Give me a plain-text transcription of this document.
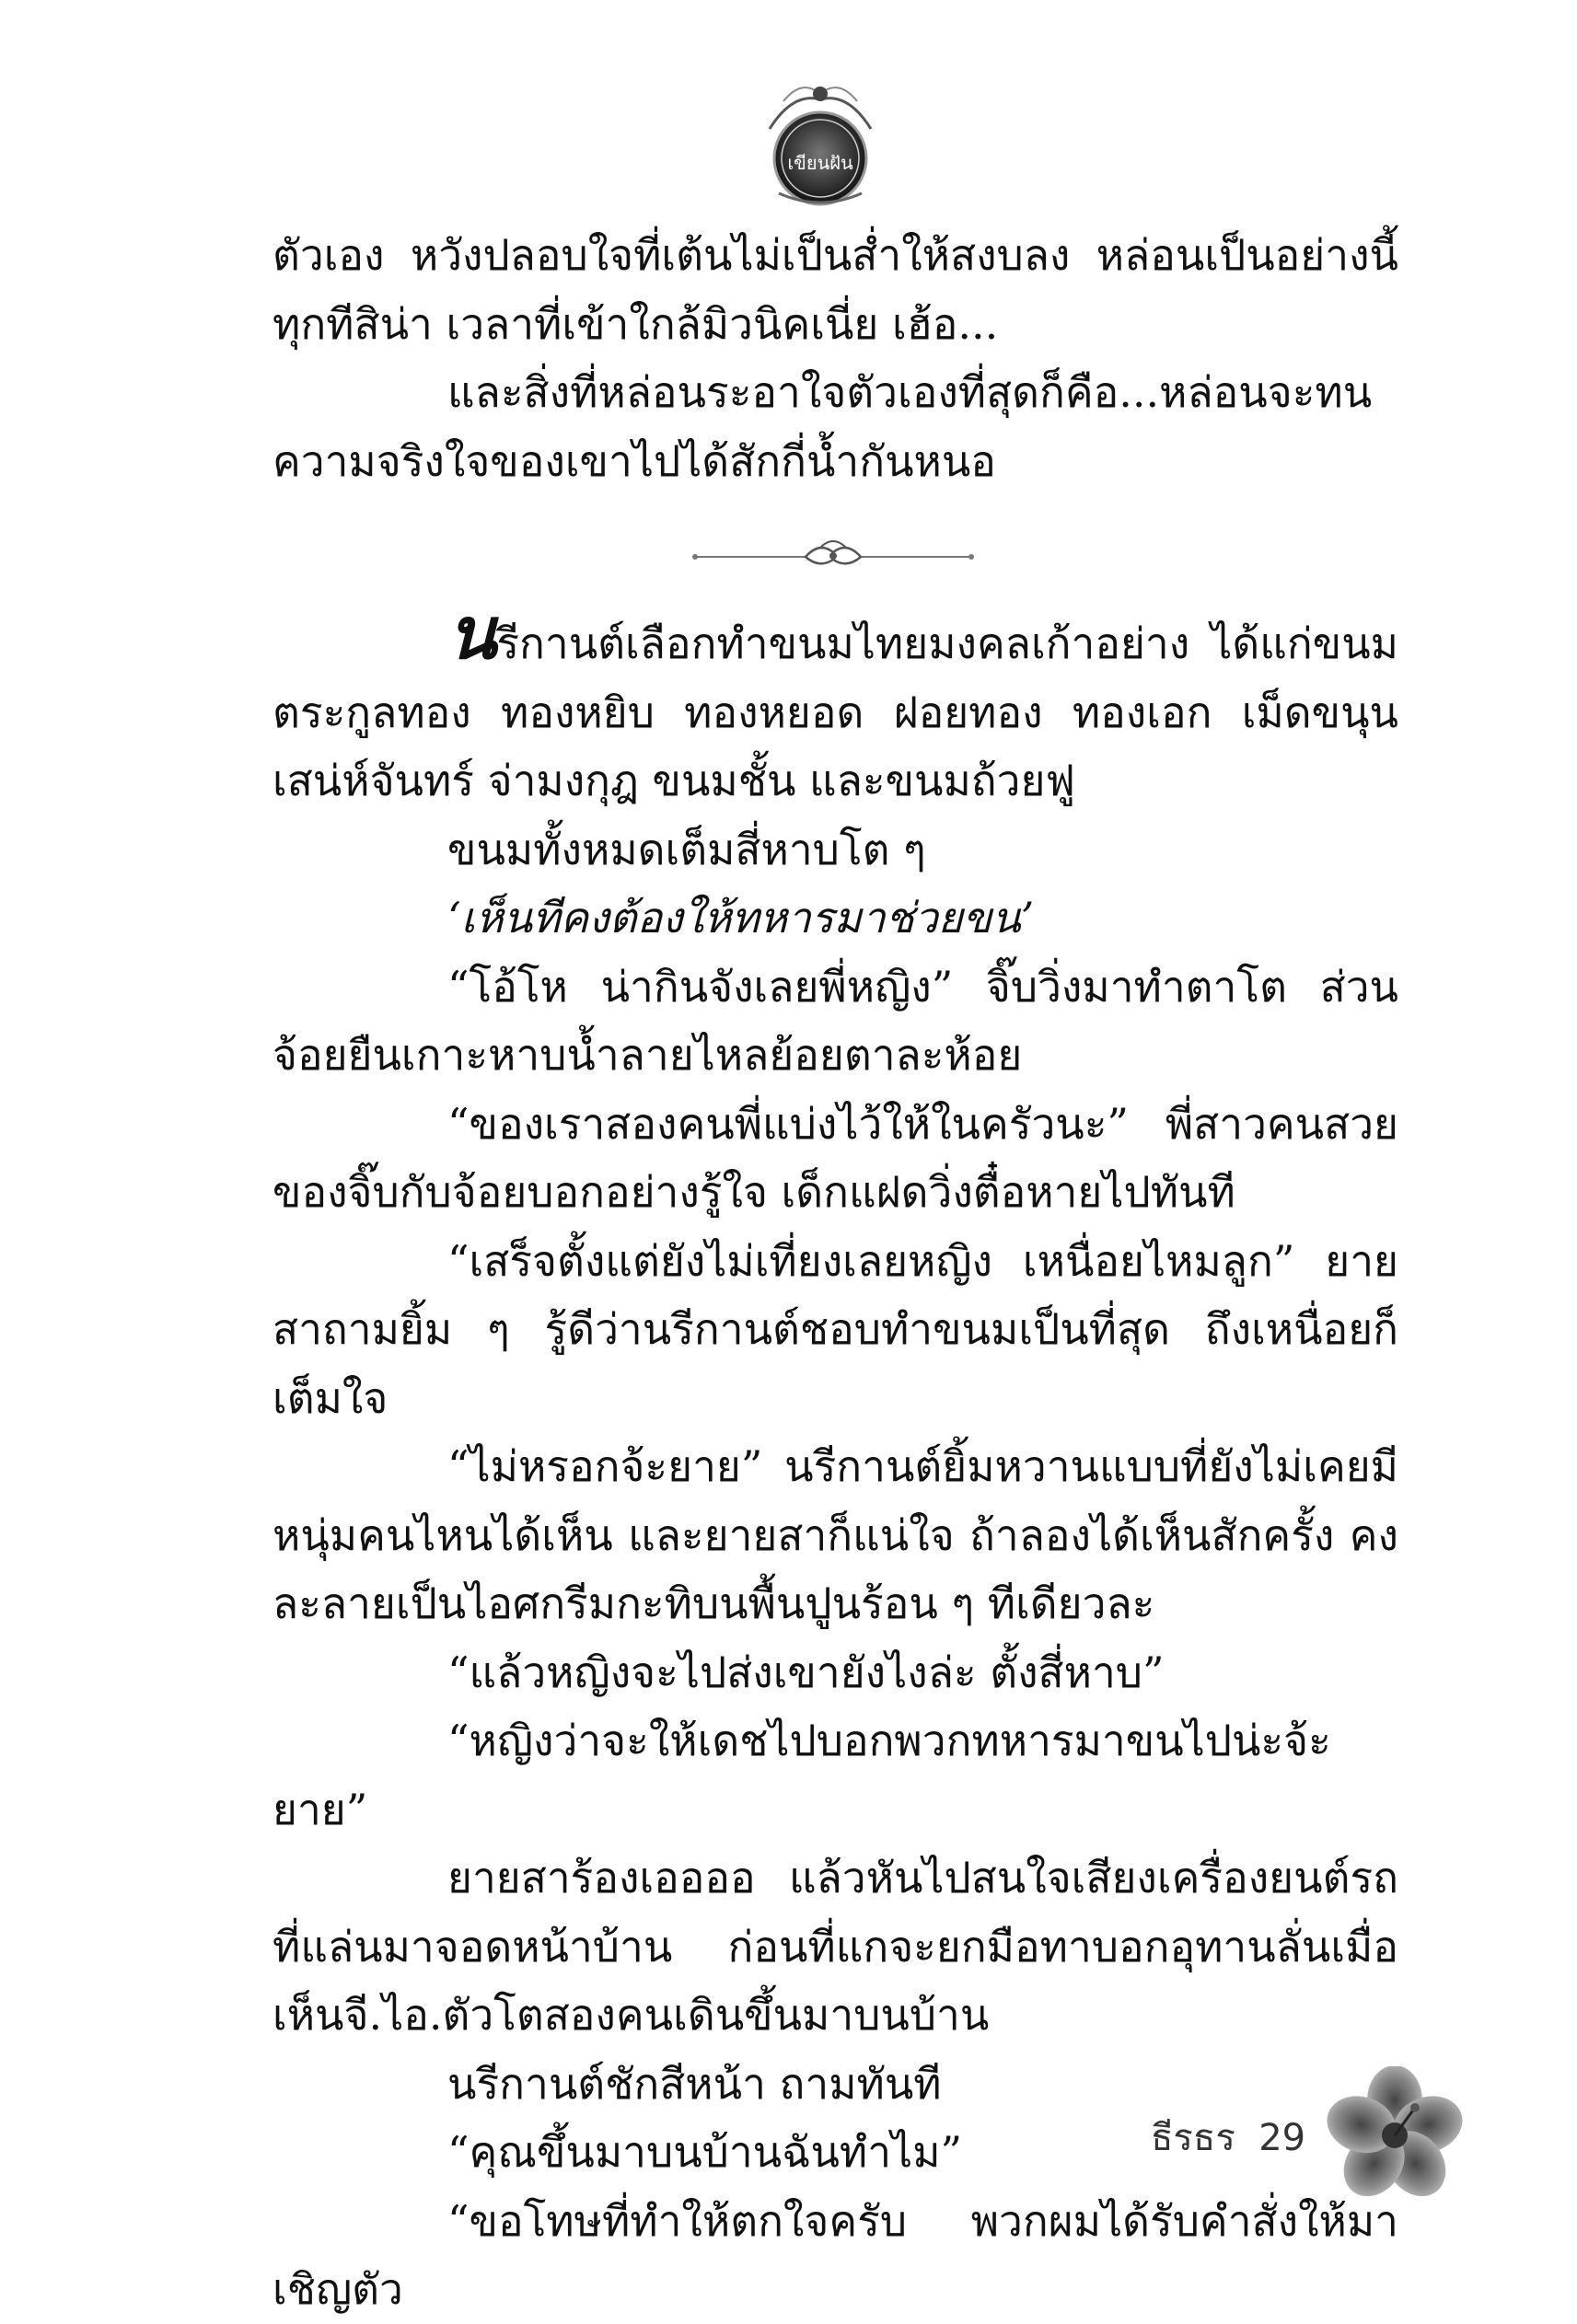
เขียนฝัน

ตัวเอง หวังปลอบใจที่เต้นไม่เป็นส่ำให้สงบลง หล่อนเป็นอย่างนี้ทุกทีสิน่า เวลาที่เข้าใกล้มิวนิคเนี่ย เฮ้อ...

และสิ่งที่หล่อนระอาใจตัวเองที่สุดก็คือ...หล่อนจะทนความจริงใจของเขาไปได้สักกี่น้ำกันหนอ

นรีกานต์เลือกทำขนมไทยมงคลเก้าอย่าง ได้แก่ขนมตระกูลทอง ทองหยิบ ทองหยอด ฝอยทอง ทองเอก เม็ดขนุน เสน่ห์จันทร์ จ่ามงกุฎ ขนมชั้น และขนมถ้วยฟู

ขนมทั้งหมดเต็มสี่หาบโต ๆ

‘เห็นทีคงต้องให้ทหารมาช่วยขน’

“โอ้โห น่ากินจังเลยพี่หญิง” จิ๊บวิ่งมาทำตาโต ส่วนจ้อยยืนเกาะหาบน้ำลายไหลย้อยตาละห้อย

“ของเราสองคนพี่แบ่งไว้ให้ในครัวนะ” พี่สาวคนสวยของจิ๊บกับจ้อยบอกอย่างรู้ใจ เด็กแฝดวิ่งตื๋อหายไปทันที

“เสร็จตั้งแต่ยังไม่เที่ยงเลยหญิง เหนื่อยไหมลูก” ยายสาถามยิ้ม ๆ รู้ดีว่านรีกานต์ชอบทำขนมเป็นที่สุด ถึงเหนื่อยก็เต็มใจ

“ไม่หรอกจ้ะยาย” นรีกานต์ยิ้มหวานแบบที่ยังไม่เคยมีหนุ่มคนไหนได้เห็น และยายสาก็แน่ใจ ถ้าลองได้เห็นสักครั้ง คงละลายเป็นไอศกรีมกะทิบนพื้นปูนร้อน ๆ ทีเดียวละ

“แล้วหญิงจะไปส่งเขายังไงล่ะ ตั้งสี่หาบ”

“หญิงว่าจะให้เดชไปบอกพวกทหารมาขนไปน่ะจ้ะยาย”

ยายสาร้องเออออ แล้วหันไปสนใจเสียงเครื่องยนต์รถที่แล่นมาจอดหน้าบ้าน ก่อนที่แกจะยกมือทาบอกอุทานลั่นเมื่อเห็นจี.ไอ.ตัวโตสองคนเดินขึ้นมาบนบ้าน

นรีกานต์ชักสีหน้า ถามทันที

“คุณขึ้นมาบนบ้านฉันทำไม”

“ขอโทษที่ทำให้ตกใจครับ พวกผมได้รับคำสั่งให้มาเชิญตัว

ธีรธร 29
